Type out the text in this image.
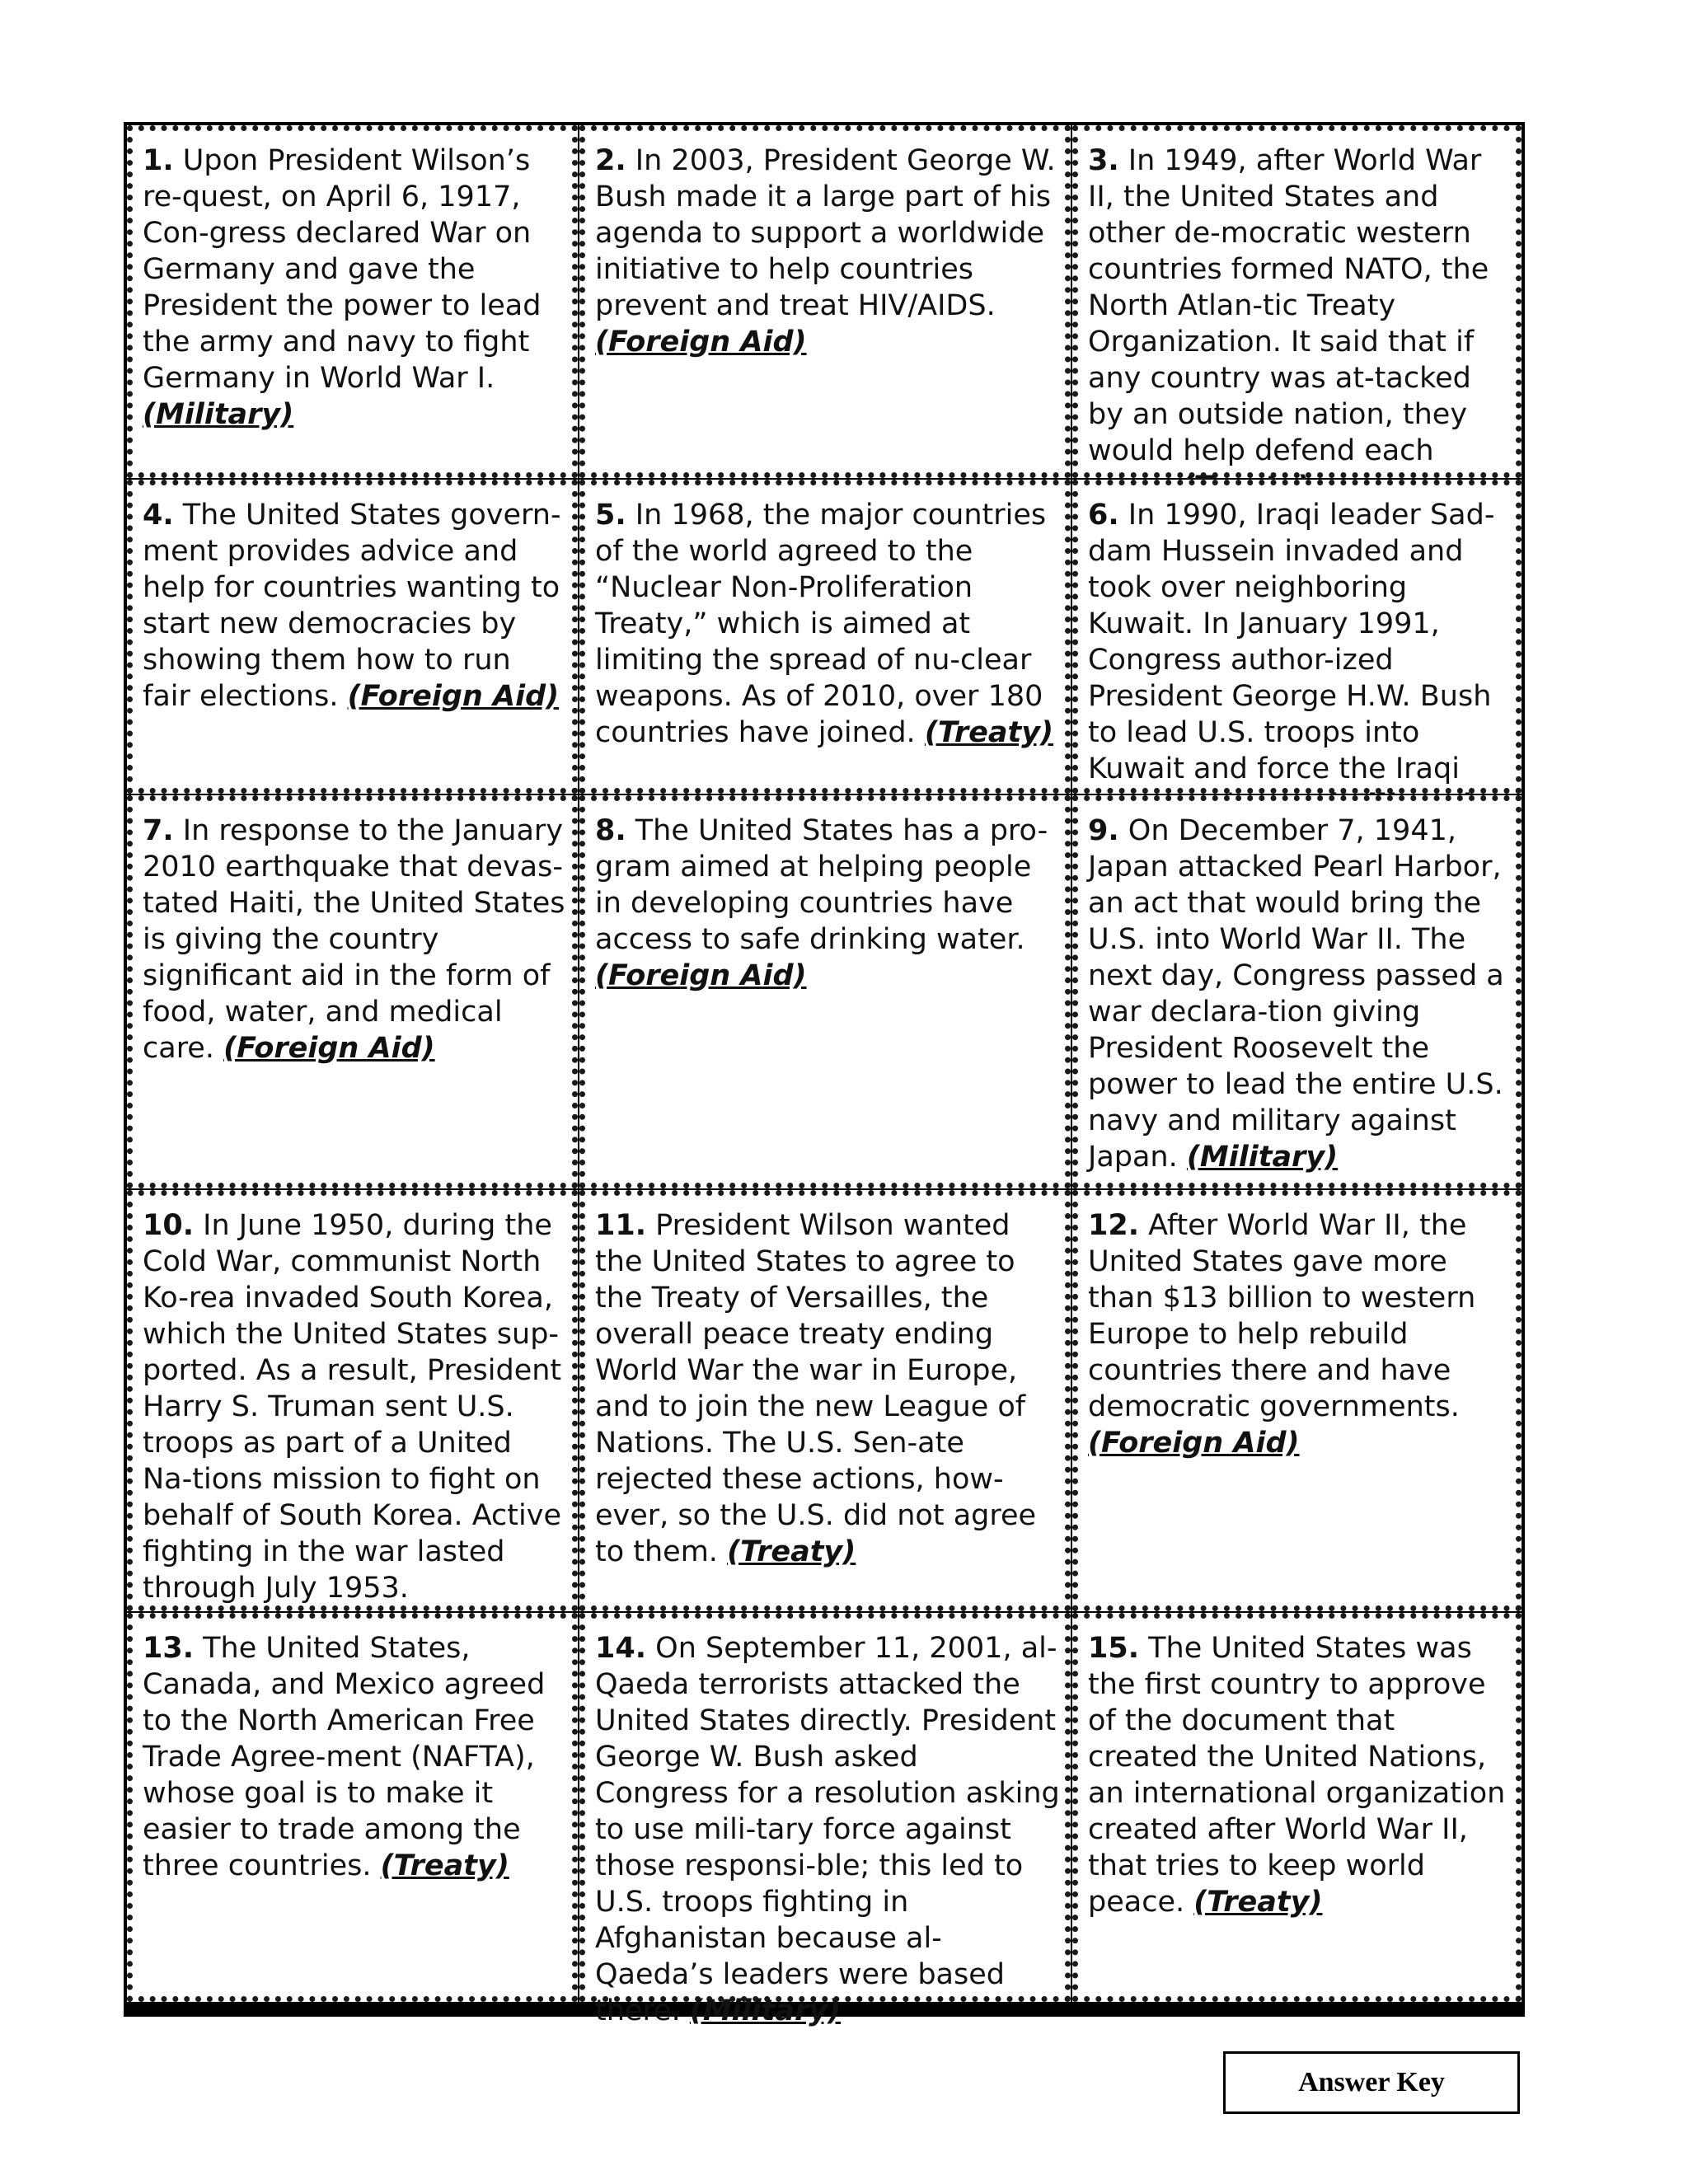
1. Upon President Wilson’s re-quest, on April 6, 1917, Con-gress declared War on Germany and gave the President the power to lead the army and navy to fight Germany in World War I. (Military)
2. In 2003, President George W. Bush made it a large part of his agenda to support a worldwide initiative to help countries prevent and treat HIV/AIDS. (Foreign Aid)
3. In 1949, after World War II, the United States and other de-mocratic western countries formed NATO, the North Atlan-tic Treaty Organization. It said that if any country was at-tacked by an outside nation, they would help defend each
4. The United States govern-ment provides advice and help for countries wanting to start new democracies by showing them how to run fair elections. (Foreign Aid)
5. In 1968, the major countries of the world agreed to the “Nuclear Non-Proliferation Treaty,” which is aimed at limiting the spread of nu-clear weapons. As of 2010, over 180 countries have joined. (Treaty)
6. In 1990, Iraqi leader Sad-dam Hussein invaded and took over neighboring Kuwait. In January 1991, Congress author-ized President George H.W. Bush to lead U.S. troops into Kuwait and force the Iraqi
7. In response to the January 2010 earthquake that devas-tated Haiti, the United States is giving the country significant aid in the form of food, water, and medical care. (Foreign Aid)
8. The United States has a pro-gram aimed at helping people in developing countries have access to safe drinking water. (Foreign Aid)
9. On December 7, 1941, Japan attacked Pearl Harbor, an act that would bring the U.S. into World War II. The next day, Congress passed a war declara-tion giving President Roosevelt the power to lead the entire U.S. navy and military against Japan. (Military)
10. In June 1950, during the Cold War, communist North Ko-rea invaded South Korea, which the United States sup-ported. As a result, President Harry S. Truman sent U.S. troops as part of a United Na-tions mission to fight on behalf of South Korea. Active fighting in the war lasted through July 1953.
11. President Wilson wanted the United States to agree to the Treaty of Versailles, the overall peace treaty ending World War the war in Europe, and to join the new League of Nations. The U.S. Sen-ate rejected these actions, how-ever, so the U.S. did not agree to them. (Treaty)
12. After World War II, the United States gave more than $13 billion to western Europe to help rebuild countries there and have democratic governments. (Foreign Aid)
13. The United States, Canada, and Mexico agreed to the North American Free Trade Agree-ment (NAFTA), whose goal is to make it easier to trade among the three countries. (Treaty)
14. On September 11, 2001, al-Qaeda terrorists attacked the United States directly. President George W. Bush asked Congress for a resolution asking to use mili-tary force against those responsi-ble; this led to U.S. troops fighting in Afghanistan because al-Qaeda’s leaders were based there. (Military)
15. The United States was the first country to approve of the document that created the United Nations, an international organization created after World War II, that tries to keep world peace. (Treaty)
Answer Key
